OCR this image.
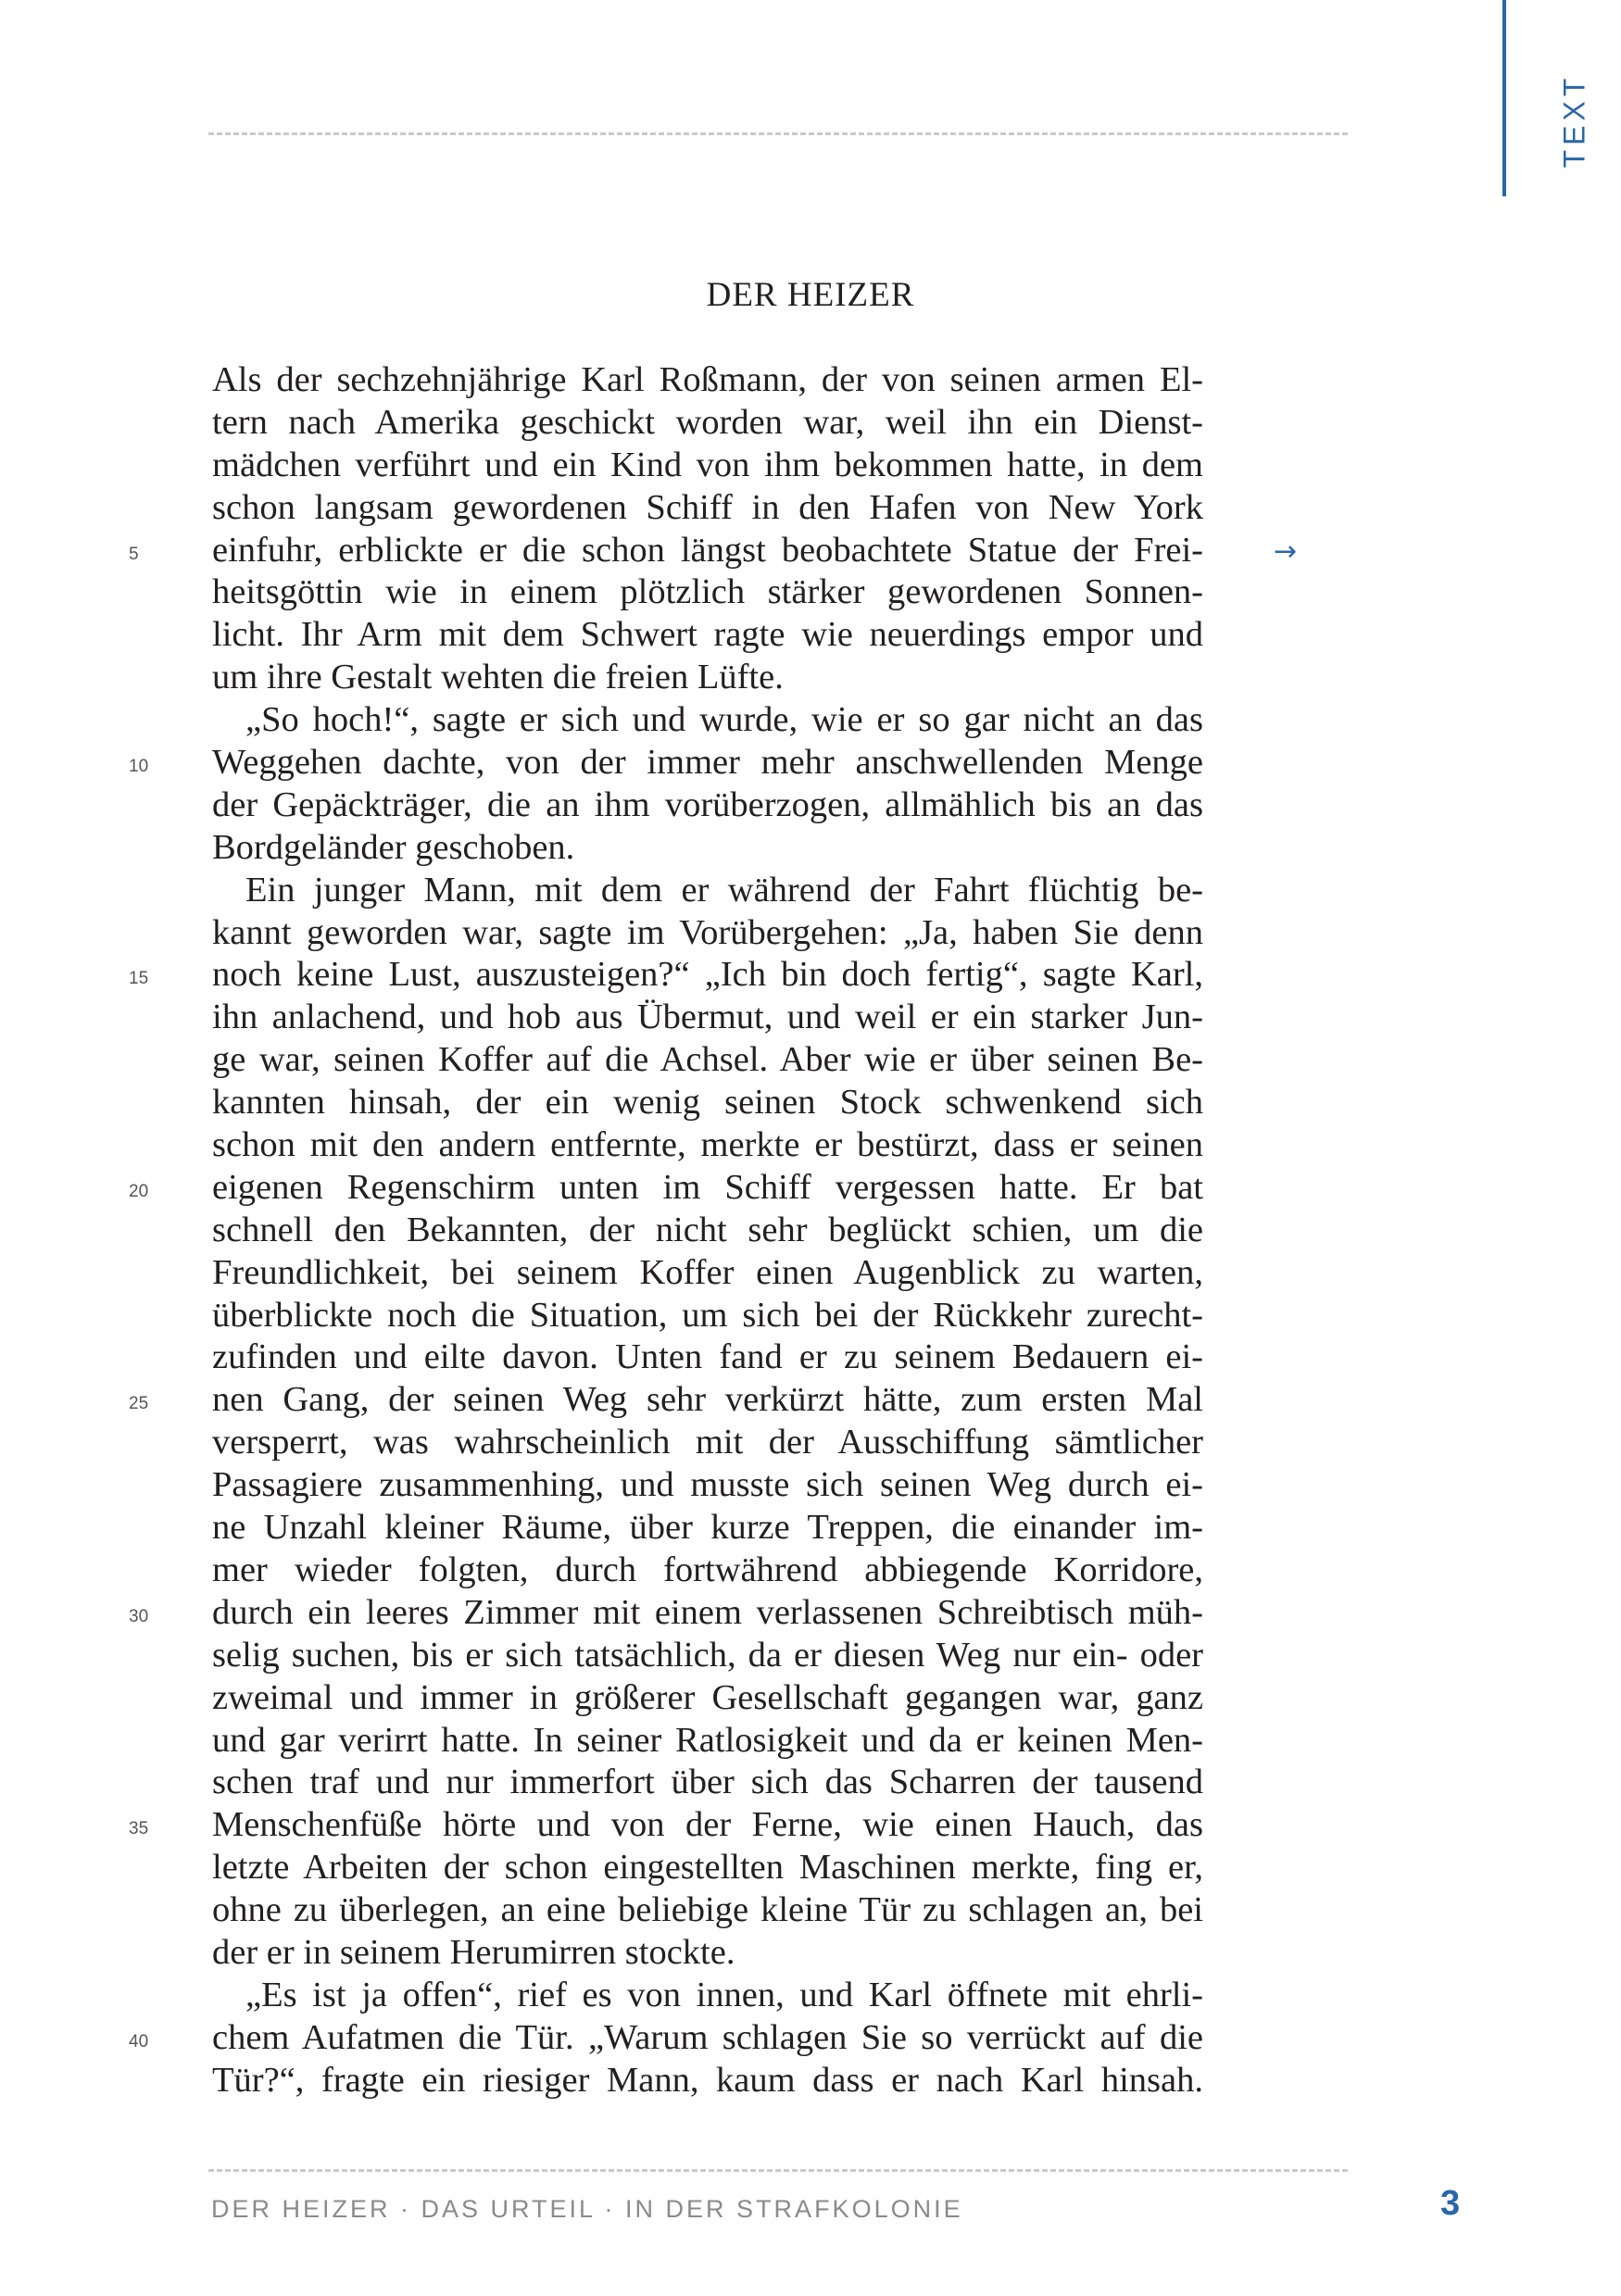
TEXT
DER HEIZER
Als der sechzehnjährige Karl Roßmann, der von seinen armen El-
tern nach Amerika geschickt worden war, weil ihn ein Dienst-
mädchen verführt und ein Kind von ihm bekommen hatte, in dem
schon langsam gewordenen Schiff in den Hafen von New York
5	einfuhr, erblickte er die schon längst beobachtete Statue der Frei-
heitsgöttin wie in einem plötzlich stärker gewordenen Sonnen-
licht. Ihr Arm mit dem Schwert ragte wie neuerdings empor und
um ihre Gestalt wehten die freien Lüfte.
„So hoch!“, sagte er sich und wurde, wie er so gar nicht an das
10	Weggehen dachte, von der immer mehr anschwellenden Menge
der Gepäckträger, die an ihm vorüberzogen, allmählich bis an das
Bordgeländer geschoben.
Ein junger Mann, mit dem er während der Fahrt flüchtig be-
kannt geworden war, sagte im Vorübergehen: „Ja, haben Sie denn
15	noch keine Lust, auszusteigen?“ „Ich bin doch fertig“, sagte Karl,
ihn anlachend, und hob aus Übermut, und weil er ein starker Jun-
ge war, seinen Koffer auf die Achsel. Aber wie er über seinen Be-
kannten hinsah, der ein wenig seinen Stock schwenkend sich
schon mit den andern entfernte, merkte er bestürzt, dass er seinen
20	eigenen Regenschirm unten im Schiff vergessen hatte. Er bat
schnell den Bekannten, der nicht sehr beglückt schien, um die
Freundlichkeit, bei seinem Koffer einen Augenblick zu warten,
überblickte noch die Situation, um sich bei der Rückkehr zurecht-
zufinden und eilte davon. Unten fand er zu seinem Bedauern ei-
25	nen Gang, der seinen Weg sehr verkürzt hätte, zum ersten Mal
versperrt, was wahrscheinlich mit der Ausschiffung sämtlicher
Passagiere zusammenhing, und musste sich seinen Weg durch ei-
ne Unzahl kleiner Räume, über kurze Treppen, die einander im-
mer wieder folgten, durch fortwährend abbiegende Korridore,
30	durch ein leeres Zimmer mit einem verlassenen Schreibtisch müh-
selig suchen, bis er sich tatsächlich, da er diesen Weg nur ein- oder
zweimal und immer in größerer Gesellschaft gegangen war, ganz
und gar verirrt hatte. In seiner Ratlosigkeit und da er keinen Men-
schen traf und nur immerfort über sich das Scharren der tausend
35	Menschenfüße hörte und von der Ferne, wie einen Hauch, das
letzte Arbeiten der schon eingestellten Maschinen merkte, fing er,
ohne zu überlegen, an eine beliebige kleine Tür zu schlagen an, bei
der er in seinem Herumirren stockte.
„Es ist ja offen“, rief es von innen, und Karl öffnete mit ehrli-
40	chem Aufatmen die Tür. „Warum schlagen Sie so verrückt auf die
Tür?“, fragte ein riesiger Mann, kaum dass er nach Karl hinsah.
→
DER HEIZER · DAS URTEIL · IN DER STRAFKOLONIE	3
